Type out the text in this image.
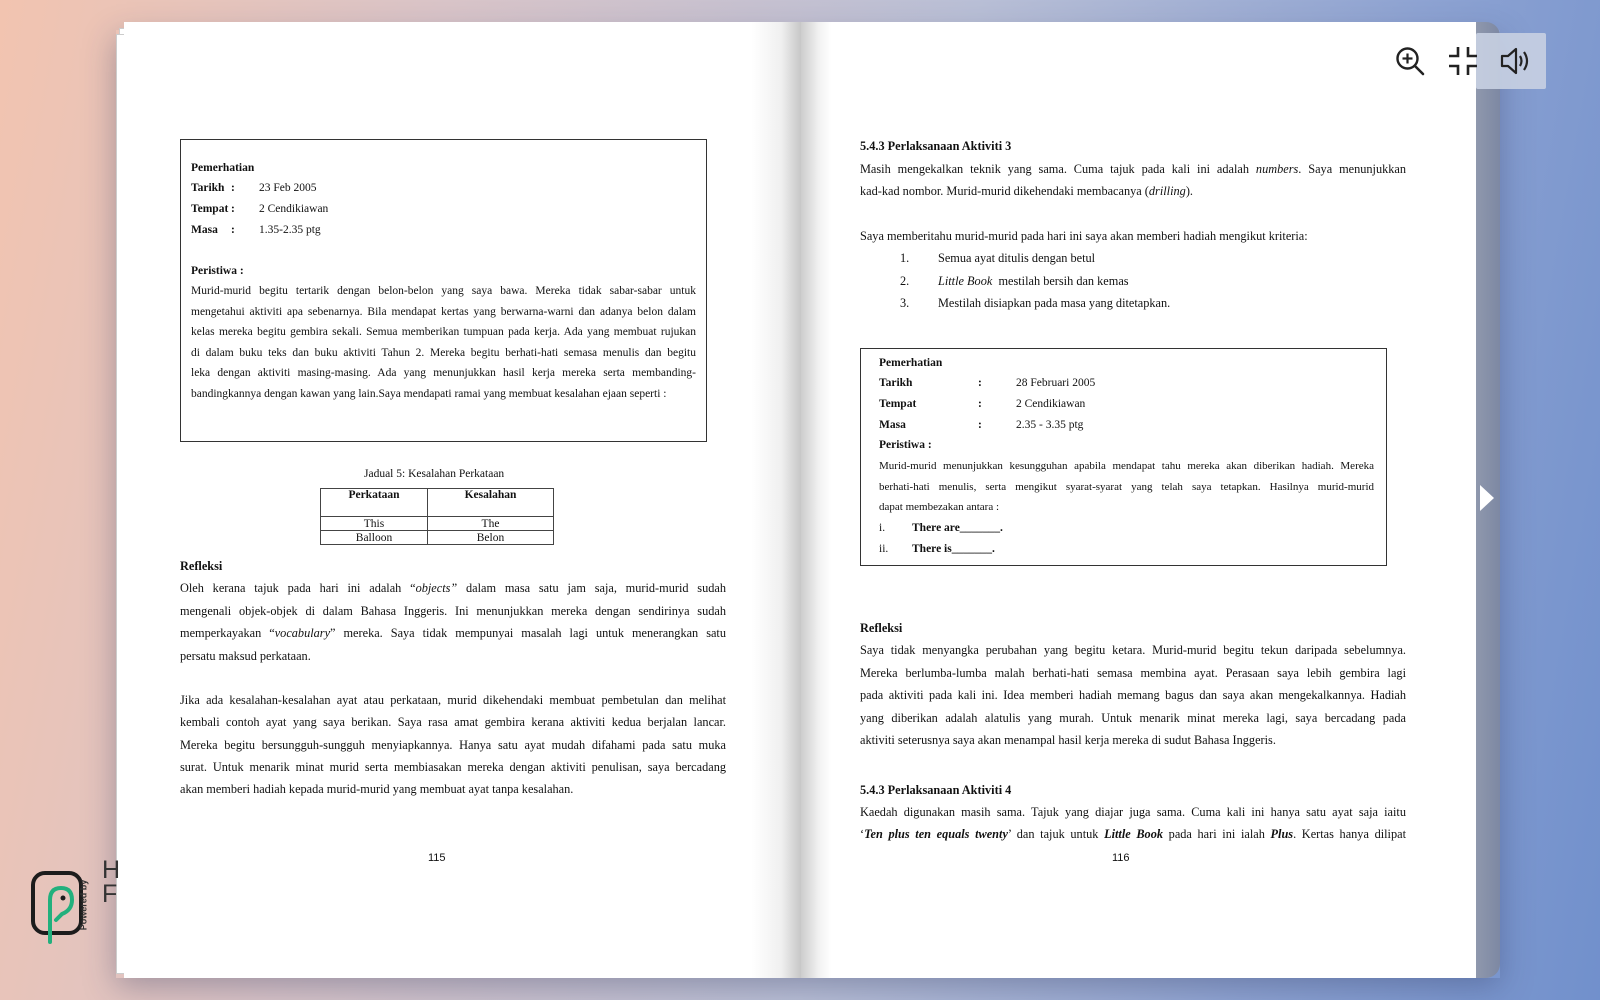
Pemerhatian
Tarikh : 23 Feb 2005
Tempat : 2 Cendikiawan
Masa : 1.35-2.35 ptg
Peristiwa :
Murid-murid begitu tertarik dengan belon-belon yang saya bawa. Mereka tidak sabar-sabar untuk
mengetahui aktiviti apa sebenarnya. Bila mendapat kertas yang berwarna-warni dan adanya belon dalam
kelas mereka begitu gembira sekali. Semua memberikan tumpuan pada kerja. Ada yang membuat rujukan
di dalam buku teks dan buku aktiviti Tahun 2. Mereka begitu berhati-hati semasa menulis dan begitu
leka dengan aktiviti masing-masing. Ada yang menunjukkan hasil kerja mereka serta membanding-
bandingkannya dengan kawan yang lain.Saya mendapati ramai yang membuat kesalahan ejaan seperti :
Jadual 5: Kesalahan Perkataan
Perkataan	Kesalahan
This	The
Balloon	Belon
Refleksi
Oleh kerana tajuk pada hari ini adalah “objects” dalam masa satu jam saja, murid-murid sudah
mengenali objek-objek di dalam Bahasa Inggeris. Ini menunjukkan mereka dengan sendirinya sudah
memperkayakan “vocabulary” mereka. Saya tidak mempunyai masalah lagi untuk menerangkan satu
persatu maksud perkataan.
Jika ada kesalahan-kesalahan ayat atau perkataan, murid dikehendaki membuat pembetulan dan melihat
kembali contoh ayat yang saya berikan. Saya rasa amat gembira kerana aktiviti kedua berjalan lancar.
Mereka begitu bersungguh-sungguh menyiapkannya. Hanya satu ayat mudah difahami pada satu muka
surat. Untuk menarik minat murid serta membiasakan mereka dengan aktiviti penulisan, saya bercadang
akan memberi hadiah kepada murid-murid yang membuat ayat tanpa kesalahan.
115
5.4.3 Perlaksanaan Aktiviti 3
Masih mengekalkan teknik yang sama. Cuma tajuk pada kali ini adalah numbers. Saya menunjukkan
kad-kad nombor. Murid-murid dikehendaki membacanya (drilling).
Saya memberitahu murid-murid pada hari ini saya akan memberi hadiah mengikut kriteria:
1. Semua ayat ditulis dengan betul
2. Little Book  mestilah bersih dan kemas
3. Mestilah disiapkan pada masa yang ditetapkan.
Pemerhatian
Tarikh	:	28 Februari 2005
Tempat	:	2 Cendikiawan
Masa	:	2.35 - 3.35 ptg
Peristiwa :
Murid-murid menunjukkan kesungguhan apabila mendapat tahu mereka akan diberikan hadiah. Mereka
berhati-hati menulis, serta mengikut syarat-syarat yang telah saya tetapkan. Hasilnya murid-murid
dapat membezakan antara :
i. There are_______.
ii. There is_______.
Refleksi
Saya tidak menyangka perubahan yang begitu ketara. Murid-murid begitu tekun daripada sebelumnya.
Mereka berlumba-lumba malah berhati-hati semasa membina ayat. Perasaan saya lebih gembira lagi
pada aktiviti pada kali ini. Idea memberi hadiah memang bagus dan saya akan mengekalkannya. Hadiah
yang diberikan adalah alatulis yang murah. Untuk menarik minat mereka lagi, saya bercadang pada
aktiviti seterusnya saya akan menampal hasil kerja mereka di sudut Bahasa Inggeris.
5.4.3 Perlaksanaan Aktiviti 4
Kaedah digunakan masih sama. Tajuk yang diajar juga sama. Cuma kali ini hanya satu ayat saja iaitu
‘Ten plus ten equals twenty’ dan tajuk untuk Little Book pada hari ini ialah Plus. Kertas hanya dilipat
116
Powered by
H
F
